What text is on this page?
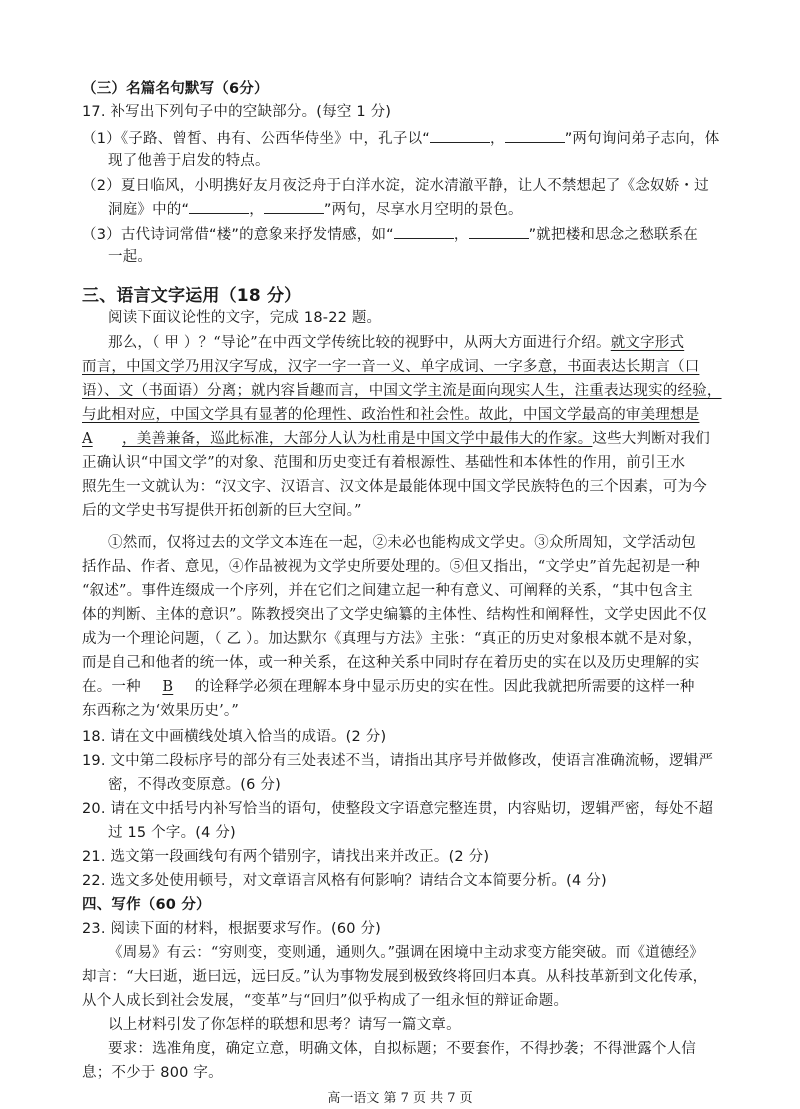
（三）名篇名句默写（6分）
17. 补写出下列句子中的空缺部分。(每空 1 分)
（1）《子路、曾皙、冉有、公西华侍坐》中，孔子以“	，	”两句询问弟子志向，体
现了他善于启发的特点。
（2）夏日临风，小明携好友月夜泛舟于白洋水淀，淀水清澈平静，让人不禁想起了《念奴娇・过
洞庭》中的“	，	”两句，尽享水月空明的景色。
（3）古代诗词常借“楼”的意象来抒发情感，如“	，	”就把楼和思念之愁联系在
一起。
三、语言文字运用（18 分）
阅读下面议论性的文字，完成 18-22 题。
那么，（ 甲 ）？“导论”在中西文学传统比较的视野中，从两大方面进行介绍。就文字形式
而言，中国文学乃用汉字写成，汉字一字一音一义、单字成词、一字多意，书面表达长期言（口
语）、文（书面语）分离；就内容旨趣而言，中国文学主流是面向现实人生，注重表达现实的经验，
与此相对应，中国文学具有显著的伦理性、政治性和社会性。故此，中国文学最高的审美理想是
A ，美善兼备，巡此标准，大部分人认为杜甫是中国文学中最伟大的作家。这些大判断对我们
正确认识“中国文学”的对象、范围和历史变迁有着根源性、基础性和本体性的作用，前引王水
照先生一文就认为：“汉文字、汉语言、汉文体是最能体现中国文学民族特色的三个因素，可为今
后的文学史书写提供开拓创新的巨大空间。”
①然而，仅将过去的文学文本连在一起，②未必也能构成文学史。③众所周知，文学活动包
括作品、作者、意见，④作品被视为文学史所要处理的。⑤但又指出，“文学史”首先起初是一种
“叙述”。事件连缀成一个序列，并在它们之间建立起一种有意义、可阐释的关系，“其中包含主
体的判断、主体的意识”。陈教授突出了文学史编纂的主体性、结构性和阐释性，文学史因此不仅
成为一个理论问题，（ 乙 ）。加达默尔《真理与方法》主张：“真正的历史对象根本就不是对象，
而是自己和他者的统一体，或一种关系，在这种关系中同时存在着历史的实在以及历史理解的实
在。一种 B 的诠释学必须在理解本身中显示历史的实在性。因此我就把所需要的这样一种
东西称之为‘效果历史’。”
18. 请在文中画横线处填入恰当的成语。(2 分)
19. 文中第二段标序号的部分有三处表述不当，请指出其序号并做修改，使语言准确流畅，逻辑严
密，不得改变原意。(6 分)
20. 请在文中括号内补写恰当的语句，使整段文字语意完整连贯，内容贴切，逻辑严密，每处不超
过 15 个字。(4 分)
21. 选文第一段画线句有两个错别字，请找出来并改正。(2 分)
22. 选文多处使用顿号，对文章语言风格有何影响？请结合文本简要分析。(4 分)
四、写作（60 分）
23. 阅读下面的材料，根据要求写作。(60 分)
《周易》有云：“穷则变，变则通，通则久。”强调在困境中主动求变方能突破。而《道德经》
却言：“大曰逝，逝曰远，远曰反。”认为事物发展到极致终将回归本真。从科技革新到文化传承，
从个人成长到社会发展，“变革”与“回归”似乎构成了一组永恒的辩证命题。
以上材料引发了你怎样的联想和思考？请写一篇文章。
要求：选准角度，确定立意，明确文体，自拟标题；不要套作，不得抄袭；不得泄露个人信
息；不少于 800 字。
高一语文 第 7 页 共 7 页
